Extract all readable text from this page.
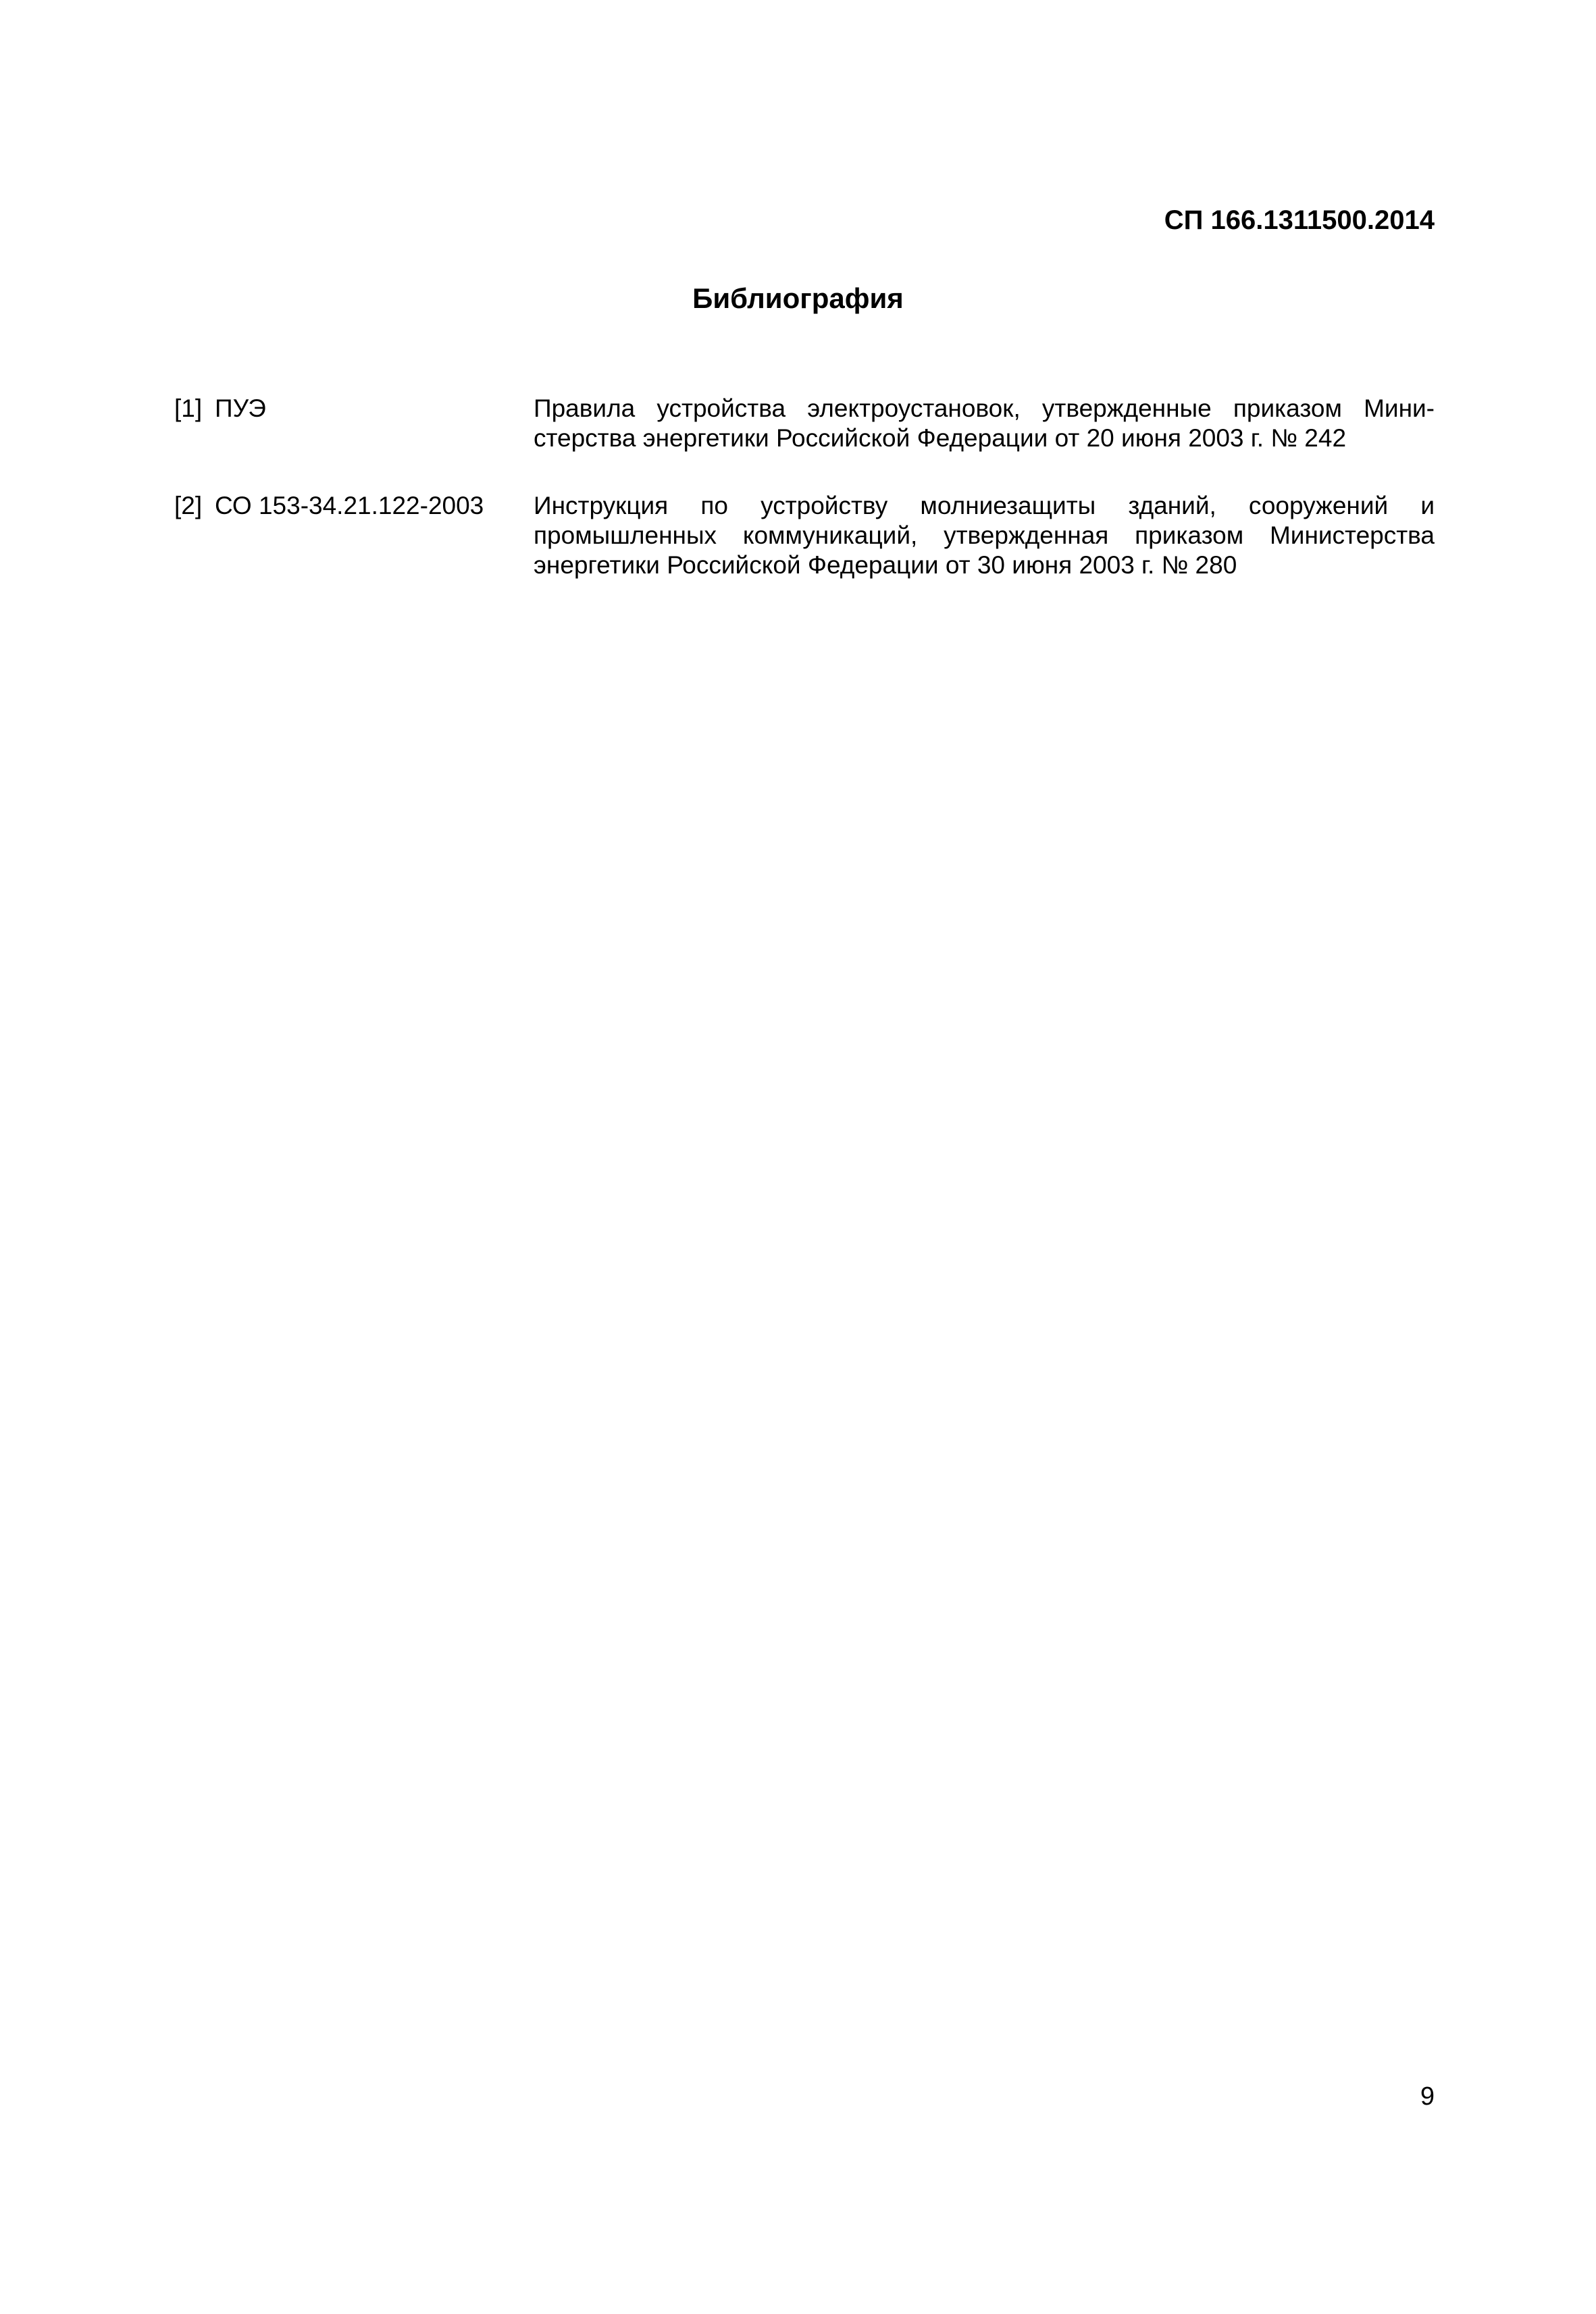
СП 166.1311500.2014
Библиография
[1] ПУЭ	Правила устройства электроустановок, утвержденные приказом Министерства энергетики Российской Федерации от 20 июня 2003 г. № 242
[2] СО 153-34.21.122-2003 Инструкция по устройству молниезащиты зданий, сооружений и промышленных коммуникаций, утвержденная приказом Министерства энергетики Российской Федерации от 30 июня 2003 г. № 280
9
